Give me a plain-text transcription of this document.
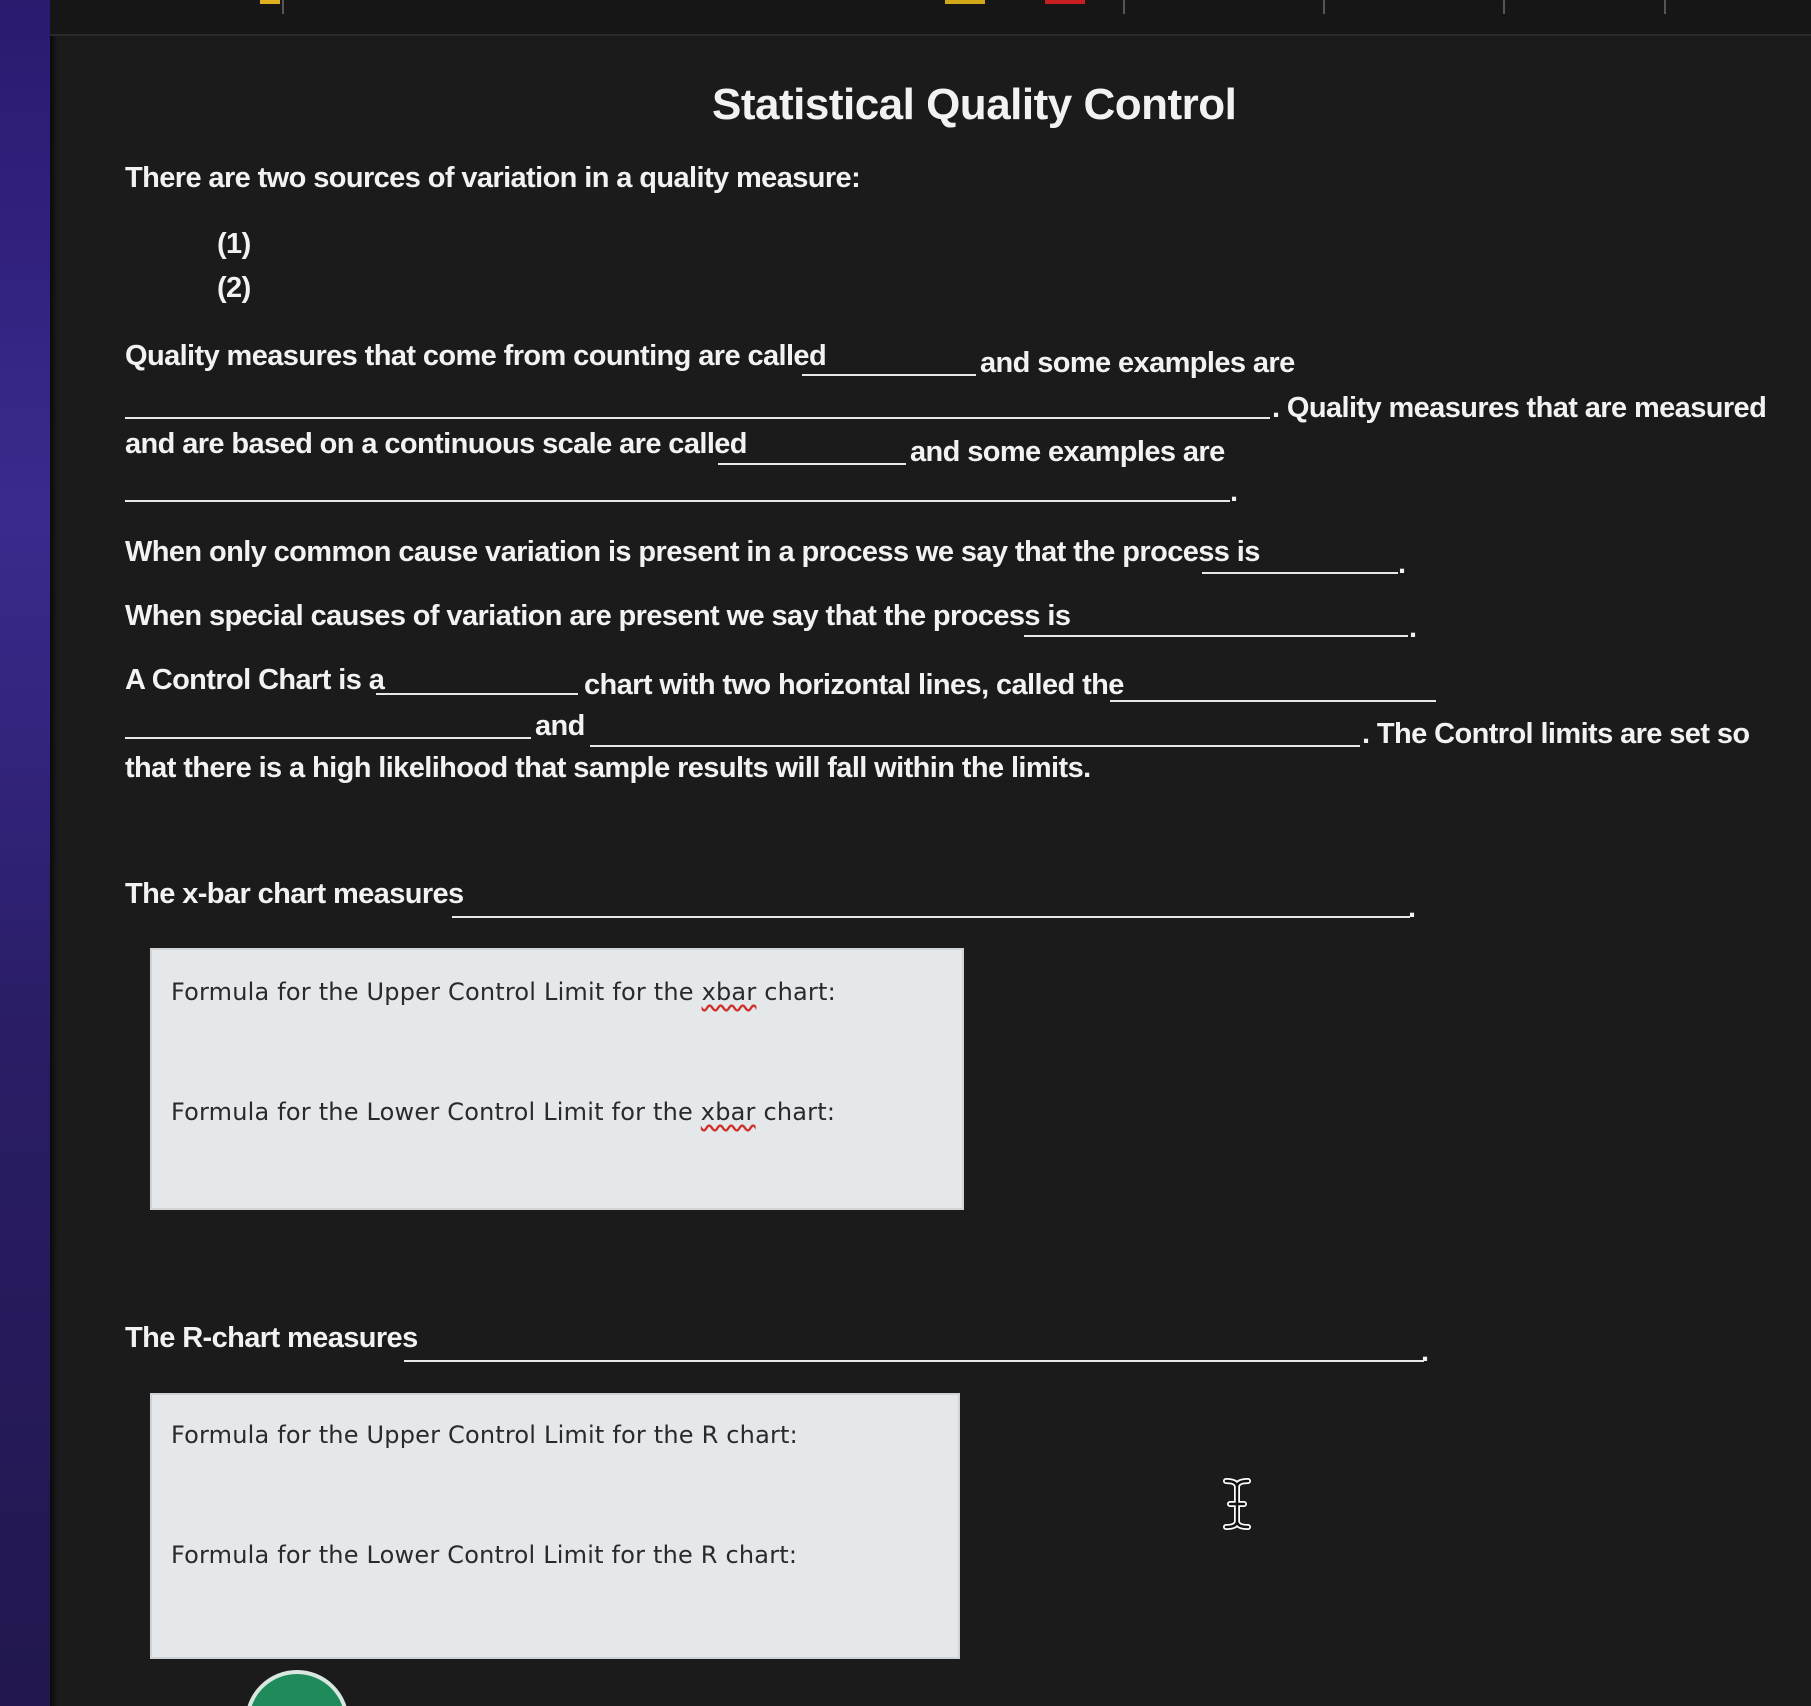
Statistical Quality Control
There are two sources of variation in a quality measure:
(1)
(2)
Quality measures that come from counting are called	and some examples are
. Quality measures that are measured
and are based on a continuous scale are called	and some examples are
.
When only common cause variation is present in a process we say that the process is	.
When special causes of variation are present we say that the process is	.
A Control Chart is a	chart with two horizontal lines, called the
and	. The Control limits are set so
that there is a high likelihood that sample results will fall within the limits.
The x-bar chart measures	.
Formula for the Upper Control Limit for the xbar chart:
Formula for the Lower Control Limit for the xbar chart:
The R-chart measures	.
Formula for the Upper Control Limit for the R chart:
Formula for the Lower Control Limit for the R chart:
